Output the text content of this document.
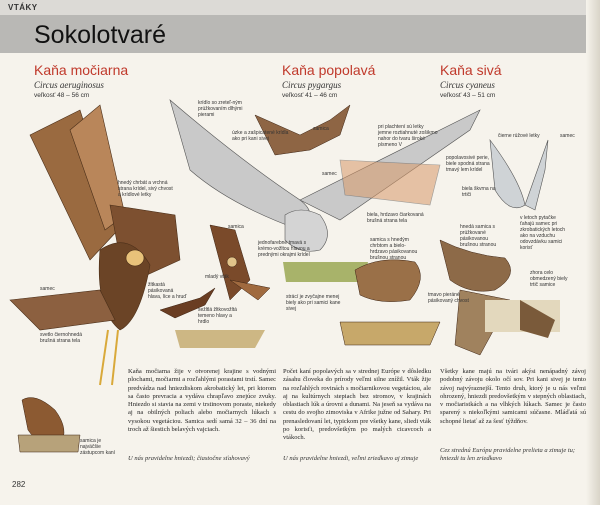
VTÁKY
Sokolotvaré
Kaňa močiarna
Circus aeruginosus
veľkosť 48 – 56 cm
Kaňa popolavá
Circus pygargus
veľkosť 41 – 46 cm
Kaňa sivá
Circus cyaneus
veľkosť 43 – 51 cm
hnedý chrbát a vrchná strana krídel, sivý chvost a krídlové letky
krídlo so zreteľ-ným prúžkovaním dlhými pierami
úzke a zašpicatené krídla ako pri kani sivej
samica	pri plachtení sú letky jemne roztiahnuté zošikmo nahor do tvaru široké písmeno V
samec
čierne rúžové letky	samec
popolavosivé perie, biele spodná strana tmavý lem krídel
biela škvrna na trtiči
samica
jednofarebne tmavá s krémo-vožltou hlavou a prednými okrajmi krídel
mladý vták
žltkastá pásikovaná hlava, líce a hruď
sežltlá žltkovožltá temeno hlavy a hrdlo
samec
svetlo čiernohnedá brušná strana tela
samica je najväčšie zástupcom kaní
biela, hrdzavo čiarkovaná brušná strana tela
samica s hnedým chrbtom a bielo-hrdzavo pásikovanou brušnou stranou
tmavo pieráné pásikovaný chvost
strácí je zvyčajne menej biely ako pri samici kane sivej
hnedá samica s prúžkované pásikovanou brušnou stranou
v letoch pytačke ťahajú samec pri zkrobatických letoch ako na vzduchu odovzdávku samici korisť
zhora celo obmedzený biely trtič samice
Kaňa močiarna žije v otvorenej krajine s vodnými plochami, močiarmi a rozľahlými porastami trstí. Samec predvádza nad hniezdiskom akrobatický let, pri ktorom sa často prevracia a vydáva chrapľavo znejúce zvuky. Hniezdo si stavia na zemi v trstinovom poraste, niekedy aj na obilných poliach alebo močiarnych lúkach s vysokou vegetáciou. Samica sedí samá 32 – 36 dní na troch až šiestich belavých vajciach.
U nás pravidelne hniezdi; čiastočne sťahovavý
Počet kaní popolavých sa v strednej Európe v dôsledku zásahu človeka do prírody veľmi silne znížil. Vták žije na rozľahlých rovinách s močiarnikovou vegetáciou, ale aj na kultúrnych stepiach bez stromov, v krajinách oblastiach lúk a úrovni a dunami. Na jeseň sa vydáva na cestu do svojho zimoviska v Afrike južne od Sahary. Pri prenasledovaní let, typickom pre všetky kane, sliedi vták po korisťi, predovšetkým po malých cicavcoch a vtákoch.
U nás pravidelne hniezdi, veľmi zriedkavo aj zimuje
Všetky kane majú na tvári akýsi nenápadný závoj podobný závoju okolo očí sov. Pri kani sivej je tento závoj najvýraznejší. Tento druh, ktorý je u nás veľmi ohrozený, hniezdi predovšetkým v stepných oblastiach, v močiaristkách a na vlhkých lúkach. Samec je často sparený s niekoľkými samicami súčasne. Mláďatá sú schopné lietať až za šesť týždňov.
Cez strednú Európu pravidelne prelieta a zimuje tu; hniezdi tu len zriedkavo
282
